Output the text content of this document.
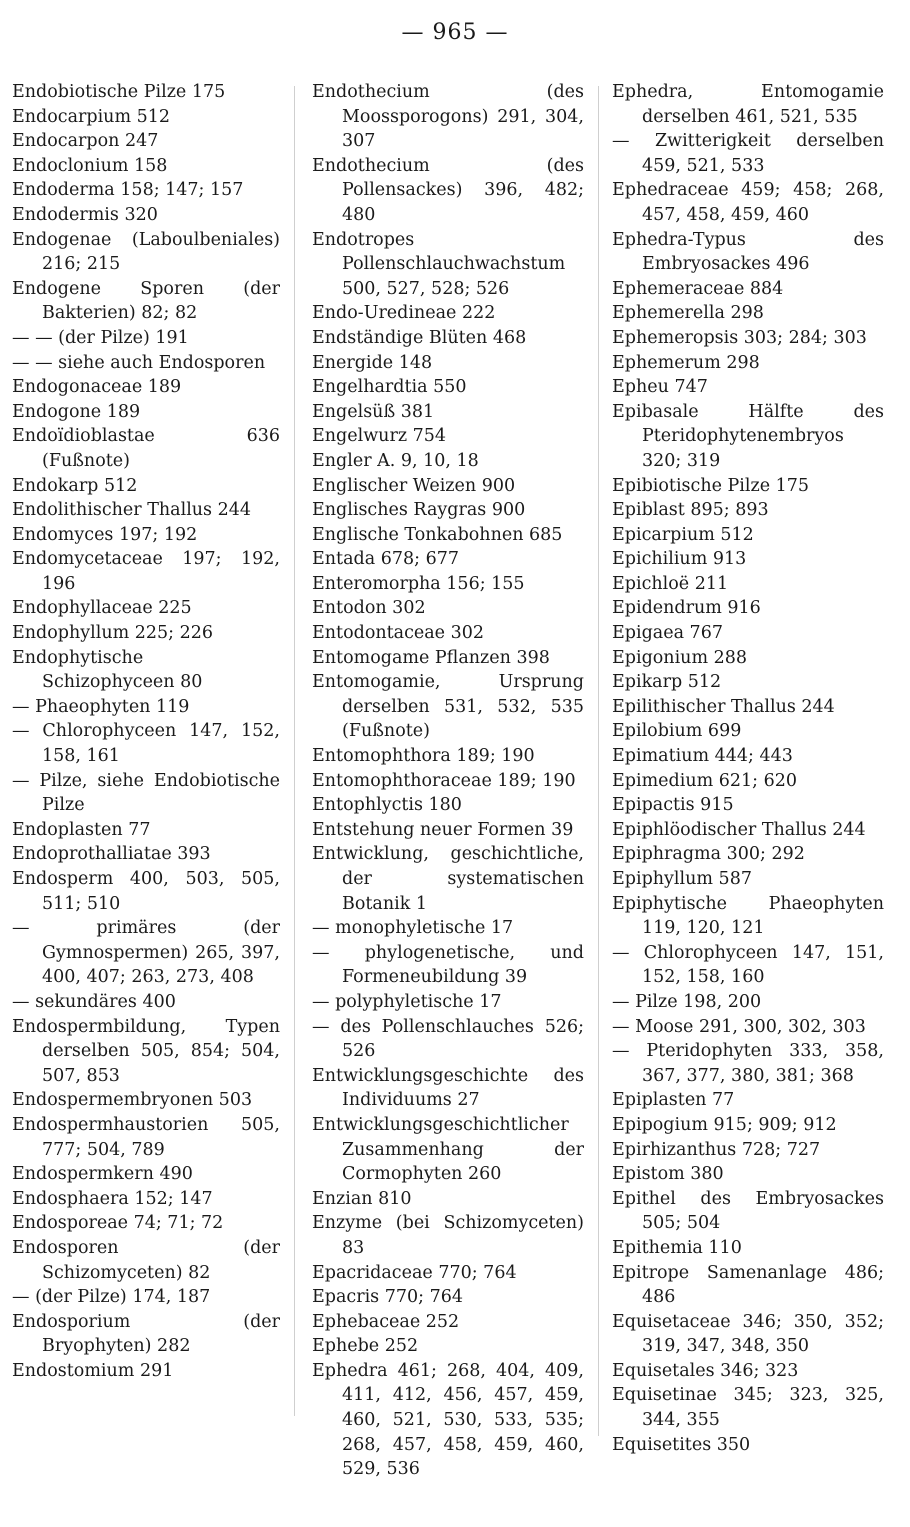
— 965 —
Endobiotische Pilze 175
Endocarpium 512
Endocarpon 247
Endoclonium 158
Endoderma 158; 147; 157
Endodermis 320
Endogenae (Laboulbeniales) 216; 215
Endogene Sporen (der Bakterien) 82; 82
— — (der Pilze) 191
— — siehe auch Endosporen
Endogonaceae 189
Endogone 189
Endoïdioblastae 636 (Fußnote)
Endokarp 512
Endolithischer Thallus 244
Endomyces 197; 192
Endomycetaceae 197; 192, 196
Endophyllaceae 225
Endophyllum 225; 226
Endophytische Schizophyceen 80
— Phaeophyten 119
— Chlorophyceen 147, 152, 158, 161
— Pilze, siehe Endobiotische Pilze
Endoplasten 77
Endoprothalliatae 393
Endosperm 400, 503, 505, 511; 510
— primäres (der Gymnospermen) 265, 397, 400, 407; 263, 273, 408
— sekundäres 400
Endospermbildung, Typen derselben 505, 854; 504, 507, 853
Endospermembryonen 503
Endospermhaustorien 505, 777; 504, 789
Endospermkern 490
Endosphaera 152; 147
Endosporeae 74; 71; 72
Endosporen (der Schizomyceten) 82
— (der Pilze) 174, 187
Endosporium (der Bryophyten) 282
Endostomium 291
Endothecium (des Moossporogons) 291, 304, 307
Endothecium (des Pollensackes) 396, 482; 480
Endotropes Pollenschlauchwachstum 500, 527, 528; 526
Endo-Uredineae 222
Endständige Blüten 468
Energide 148
Engelhardtia 550
Engelsüß 381
Engelwurz 754
Engler A. 9, 10, 18
Englischer Weizen 900
Englisches Raygras 900
Englische Tonkabohnen 685
Entada 678; 677
Enteromorpha 156; 155
Entodon 302
Entodontaceae 302
Entomogame Pflanzen 398
Entomogamie, Ursprung derselben 531, 532, 535 (Fußnote)
Entomophthora 189; 190
Entomophthoraceae 189; 190
Entophlyctis 180
Entstehung neuer Formen 39
Entwicklung, geschichtliche, der systematischen Botanik 1
— monophyletische 17
— phylogenetische, und Formeneubildung 39
— polyphyletische 17
— des Pollenschlauches 526; 526
Entwicklungsgeschichte des Individuums 27
Entwicklungsgeschichtlicher Zusammenhang der Cormophyten 260
Enzian 810
Enzyme (bei Schizomyceten) 83
Epacridaceae 770; 764
Epacris 770; 764
Ephebaceae 252
Ephebe 252
Ephedra 461; 268, 404, 409, 411, 412, 456, 457, 459, 460, 521, 530, 533, 535; 268, 457, 458, 459, 460, 529, 536
Ephedra, Entomogamie derselben 461, 521, 535
— Zwitterigkeit derselben 459, 521, 533
Ephedraceae 459; 458; 268, 457, 458, 459, 460
Ephedra-Typus des Embryosackes 496
Ephemeraceae 884
Ephemerella 298
Ephemeropsis 303; 284; 303
Ephemerum 298
Epheu 747
Epibasale Hälfte des Pteridophytenembryos 320; 319
Epibiotische Pilze 175
Epiblast 895; 893
Epicarpium 512
Epichilium 913
Epichloë 211
Epidendrum 916
Epigaea 767
Epigonium 288
Epikarp 512
Epilithischer Thallus 244
Epilobium 699
Epimatium 444; 443
Epimedium 621; 620
Epipactis 915
Epiphlöodischer Thallus 244
Epiphragma 300; 292
Epiphyllum 587
Epiphytische Phaeophyten 119, 120, 121
— Chlorophyceen 147, 151, 152, 158, 160
— Pilze 198, 200
— Moose 291, 300, 302, 303
— Pteridophyten 333, 358, 367, 377, 380, 381; 368
Epiplasten 77
Epipogium 915; 909; 912
Epirhizanthus 728; 727
Epistom 380
Epithel des Embryosackes 505; 504
Epithemia 110
Epitrope Samenanlage 486; 486
Equisetaceae 346; 350, 352; 319, 347, 348, 350
Equisetales 346; 323
Equisetinae 345; 323, 325, 344, 355
Equisetites 350
